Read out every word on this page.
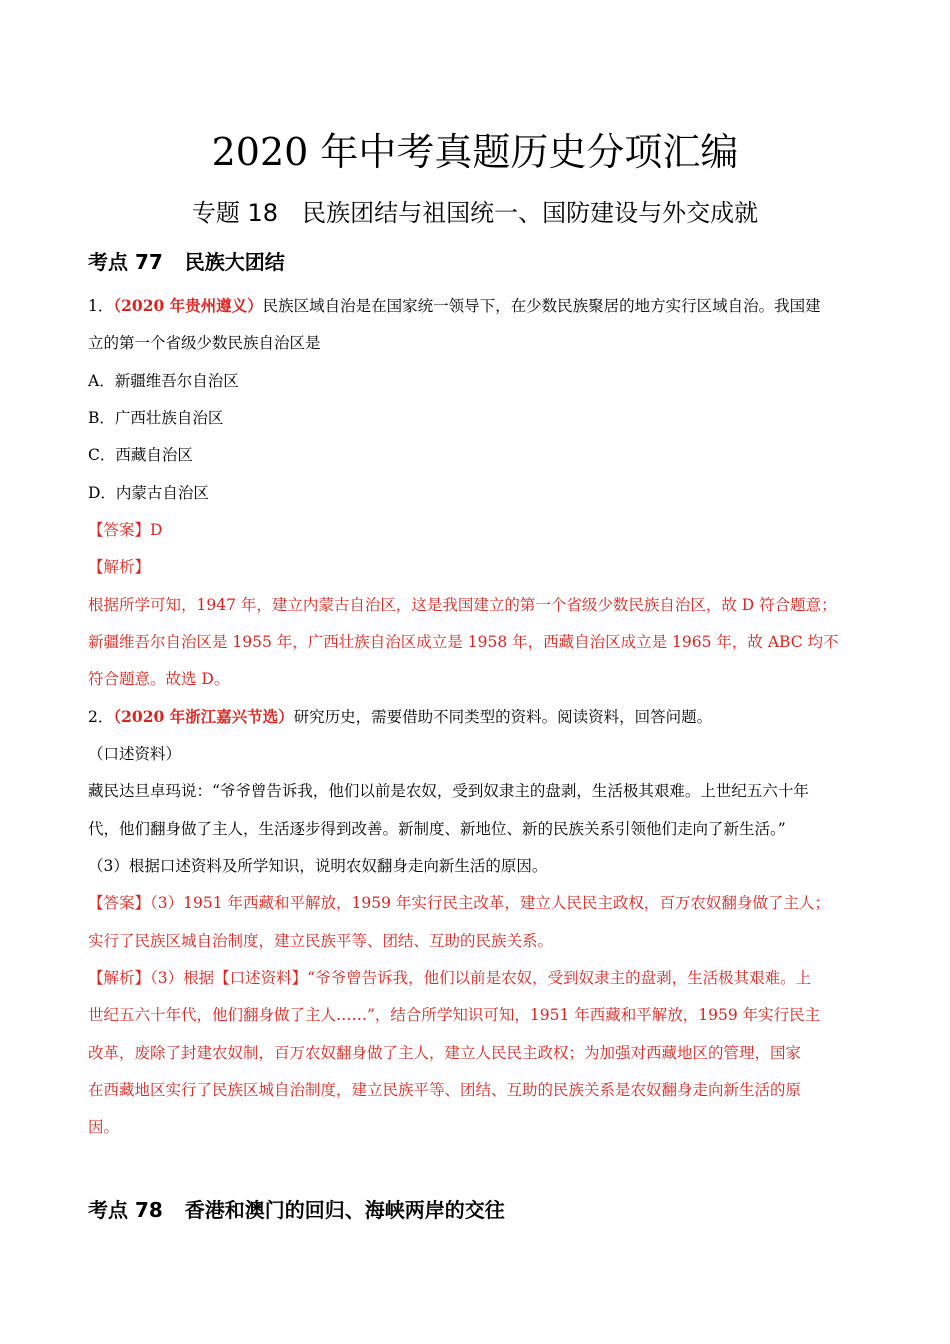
2020 年中考真题历史分项汇编
专题 18　民族团结与祖国统一、国防建设与外交成就
考点 77 民族大团结
1．（2020 年贵州遵义）民族区域自治是在国家统一领导下，在少数民族聚居的地方实行区域自治。我国建
立的第一个省级少数民族自治区是
A．新疆维吾尔自治区
B．广西壮族自治区
C．西藏自治区
D．内蒙古自治区
【答案】D
【解析】
根据所学可知，1947 年，建立内蒙古自治区，这是我国建立的第一个省级少数民族自治区，故 D 符合题意；
新疆维吾尔自治区是 1955 年，广西壮族自治区成立是 1958 年，西藏自治区成立是 1965 年，故 ABC 均不
符合题意。故选 D。
2．（2020 年浙江嘉兴节选）研究历史，需要借助不同类型的资料。阅读资料，回答问题。
（口述资料）
藏民达旦卓玛说：“爷爷曾告诉我，他们以前是农奴，受到奴隶主的盘剥，生活极其艰难。上世纪五六十年
代，他们翻身做了主人，生活逐步得到改善。新制度、新地位、新的民族关系引领他们走向了新生活。”
（3）根据口述资料及所学知识，说明农奴翻身走向新生活的原因。
【答案】（3）1951 年西藏和平解放，1959 年实行民主改革，建立人民民主政权，百万农奴翻身做了主人；
实行了民族区城自治制度，建立民族平等、团结、互助的民族关系。
【解析】（3）根据【口述资料】“爷爷曾告诉我，他们以前是农奴，受到奴隶主的盘剥，生活极其艰难。上
世纪五六十年代，他们翻身做了主人……”，结合所学知识可知，1951 年西藏和平解放，1959 年实行民主
改革，废除了封建农奴制，百万农奴翻身做了主人，建立人民民主政权；为加强对西藏地区的管理，国家
在西藏地区实行了民族区城自治制度，建立民族平等、团结、互助的民族关系是农奴翻身走向新生活的原
因。
考点 78 香港和澳门的回归、海峡两岸的交往
